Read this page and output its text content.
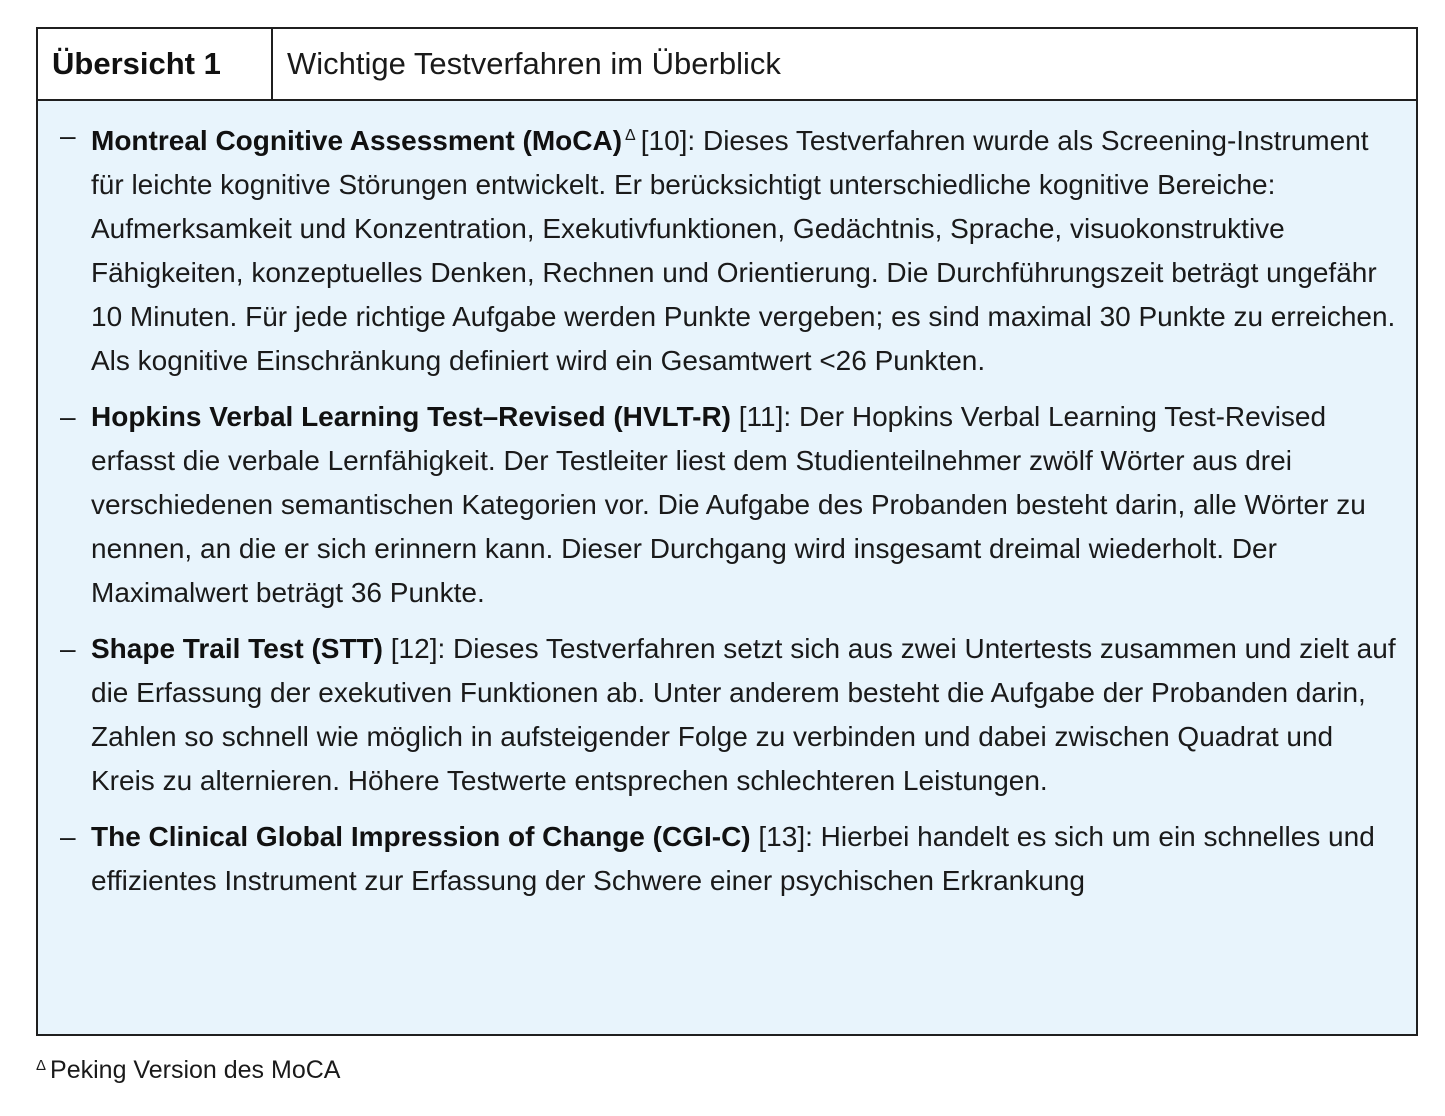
Übersicht 1	Wichtige Testverfahren im Überblick
– Montreal Cognitive Assessment (MoCA) $^\Delta$ [10]: Dieses Testverfahren wurde als Screening-Instrument für leichte kognitive Störungen entwickelt. Er berücksichtigt unterschiedliche kognitive Bereiche: Aufmerksamkeit und Konzentration, Exekutivfunktionen, Gedächtnis, Sprache, visuokonstruktive Fähigkeiten, konzeptuelles Denken, Rechnen und Orientierung. Die Durchführungszeit beträgt ungefähr 10 Minuten. Für jede richtige Aufgabe werden Punkte vergeben; es sind maximal 30 Punkte zu erreichen. Als kognitive Einschränkung definiert wird ein Gesamtwert <26 Punkten.
– Hopkins Verbal Learning Test–Revised (HVLT-R) [11]: Der Hopkins Verbal Learning Test-Revised erfasst die verbale Lernfähigkeit. Der Testleiter liest dem Studienteilnehmer zwölf Wörter aus drei verschiedenen semantischen Kategorien vor. Die Aufgabe des Probanden besteht darin, alle Wörter zu nennen, an die er sich erinnern kann. Dieser Durchgang wird insgesamt dreimal wiederholt. Der Maximalwert beträgt 36 Punkte.
– Shape Trail Test (STT) [12]: Dieses Testverfahren setzt sich aus zwei Untertests zusammen und zielt auf die Erfassung der exekutiven Funktionen ab. Unter anderem besteht die Aufgabe der Probanden darin, Zahlen so schnell wie möglich in aufsteigender Folge zu verbinden und dabei zwischen Quadrat und Kreis zu alternieren. Höhere Testwerte entsprechen schlechteren Leistungen.
– The Clinical Global Impression of Change (CGI-C) [13]: Hierbei handelt es sich um ein schnelles und effizientes Instrument zur Erfassung der Schwere einer psychischen Erkrankung
$^\Delta$ Peking Version des MoCA
